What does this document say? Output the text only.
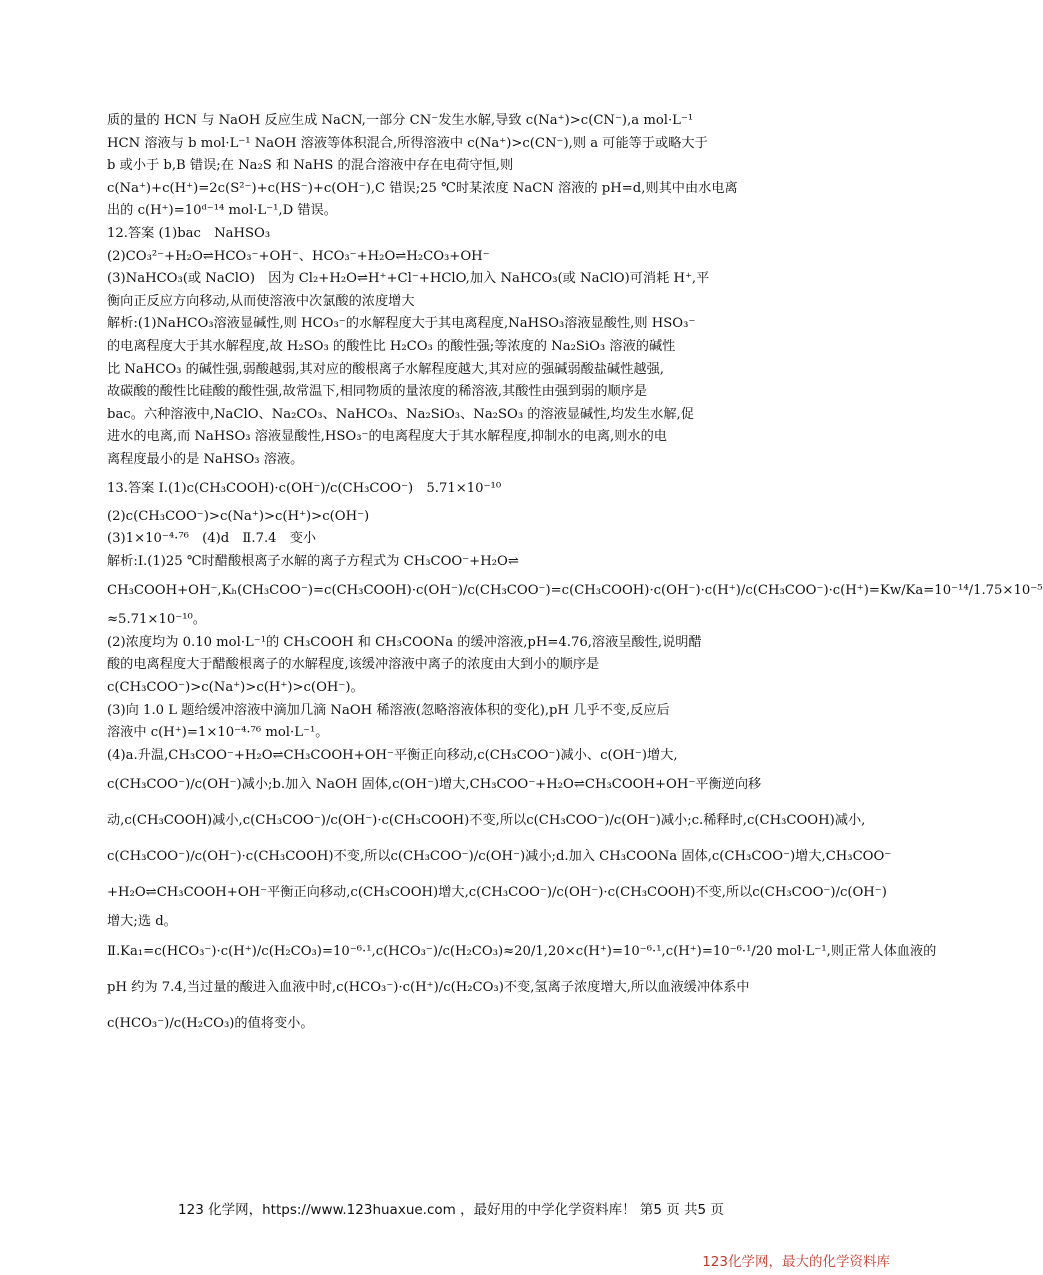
质的量的 HCN 与 NaOH 反应生成 NaCN,一部分 CN⁻发生水解,导致 c(Na⁺)>c(CN⁻),a mol·L⁻¹
HCN 溶液与 b mol·L⁻¹ NaOH 溶液等体积混合,所得溶液中 c(Na⁺)>c(CN⁻),则 a 可能等于或略大于
b 或小于 b,B 错误;在 Na₂S 和 NaHS 的混合溶液中存在电荷守恒,则
c(Na⁺)+c(H⁺)=2c(S²⁻)+c(HS⁻)+c(OH⁻),C 错误;25 ℃时某浓度 NaCN 溶液的 pH=d,则其中由水电离
出的 c(H⁺)=10ᵈ⁻¹⁴ mol·L⁻¹,D 错误。
12.答案 (1)bac　NaHSO₃
(2)CO₃²⁻+H₂O⇌HCO₃⁻+OH⁻、HCO₃⁻+H₂O⇌H₂CO₃+OH⁻
(3)NaHCO₃(或 NaClO)　因为 Cl₂+H₂O⇌H⁺+Cl⁻+HClO,加入 NaHCO₃(或 NaClO)可消耗 H⁺,平
衡向正反应方向移动,从而使溶液中次氯酸的浓度增大
解析:(1)NaHCO₃溶液显碱性,则 HCO₃⁻的水解程度大于其电离程度,NaHSO₃溶液显酸性,则 HSO₃⁻
的电离程度大于其水解程度,故 H₂SO₃ 的酸性比 H₂CO₃ 的酸性强;等浓度的 Na₂SiO₃ 溶液的碱性
比 NaHCO₃ 的碱性强,弱酸越弱,其对应的酸根离子水解程度越大,其对应的强碱弱酸盐碱性越强,
故碳酸的酸性比硅酸的酸性强,故常温下,相同物质的量浓度的稀溶液,其酸性由强到弱的顺序是
bac。六种溶液中,NaClO、Na₂CO₃、NaHCO₃、Na₂SiO₃、Na₂SO₃ 的溶液显碱性,均发生水解,促
进水的电离,而 NaHSO₃ 溶液显酸性,HSO₃⁻的电离程度大于其水解程度,抑制水的电离,则水的电
离程度最小的是 NaHSO₃ 溶液。
13.答案 Ⅰ.(1)c(CH₃COOH)·c(OH⁻)/c(CH₃COO⁻)　5.71×10⁻¹⁰
(2)c(CH₃COO⁻)>c(Na⁺)>c(H⁺)>c(OH⁻)
(3)1×10⁻⁴·⁷⁶　(4)d　Ⅱ.7.4　变小
解析:Ⅰ.(1)25 ℃时醋酸根离子水解的离子方程式为 CH₃COO⁻+H₂O⇌
CH₃COOH+OH⁻,Kₕ(CH₃COO⁻)=c(CH₃COOH)·c(OH⁻)/c(CH₃COO⁻)=c(CH₃COOH)·c(OH⁻)·c(H⁺)/c(CH₃COO⁻)·c(H⁺)=Kw/Ka=10⁻¹⁴/1.75×10⁻⁵
≈5.71×10⁻¹⁰。
(2)浓度均为 0.10 mol·L⁻¹的 CH₃COOH 和 CH₃COONa 的缓冲溶液,pH=4.76,溶液呈酸性,说明醋
酸的电离程度大于醋酸根离子的水解程度,该缓冲溶液中离子的浓度由大到小的顺序是
c(CH₃COO⁻)>c(Na⁺)>c(H⁺)>c(OH⁻)。
(3)向 1.0 L 题给缓冲溶液中滴加几滴 NaOH 稀溶液(忽略溶液体积的变化),pH 几乎不变,反应后
溶液中 c(H⁺)=1×10⁻⁴·⁷⁶ mol·L⁻¹。
(4)a.升温,CH₃COO⁻+H₂O⇌CH₃COOH+OH⁻平衡正向移动,c(CH₃COO⁻)减小、c(OH⁻)增大,
c(CH₃COO⁻)/c(OH⁻)减小;b.加入 NaOH 固体,c(OH⁻)增大,CH₃COO⁻+H₂O⇌CH₃COOH+OH⁻平衡逆向移
动,c(CH₃COOH)减小,c(CH₃COO⁻)/c(OH⁻)·c(CH₃COOH)不变,所以c(CH₃COO⁻)/c(OH⁻)减小;c.稀释时,c(CH₃COOH)减小,
c(CH₃COO⁻)/c(OH⁻)·c(CH₃COOH)不变,所以c(CH₃COO⁻)/c(OH⁻)减小;d.加入 CH₃COONa 固体,c(CH₃COO⁻)增大,CH₃COO⁻
+H₂O⇌CH₃COOH+OH⁻平衡正向移动,c(CH₃COOH)增大,c(CH₃COO⁻)/c(OH⁻)·c(CH₃COOH)不变,所以c(CH₃COO⁻)/c(OH⁻)
增大;选 d。
Ⅱ.Ka₁=c(HCO₃⁻)·c(H⁺)/c(H₂CO₃)=10⁻⁶·¹,c(HCO₃⁻)/c(H₂CO₃)≈20/1,20×c(H⁺)=10⁻⁶·¹,c(H⁺)=10⁻⁶·¹/20 mol·L⁻¹,则正常人体血液的
pH 约为 7.4,当过量的酸进入血液中时,c(HCO₃⁻)·c(H⁺)/c(H₂CO₃)不变,氢离子浓度增大,所以血液缓冲体系中
c(HCO₃⁻)/c(H₂CO₃)的值将变小。
123 化学网，https://www.123huaxue.com ，最好用的中学化学资料库！ 第5 页 共5 页
123化学网，最大的化学资料库
